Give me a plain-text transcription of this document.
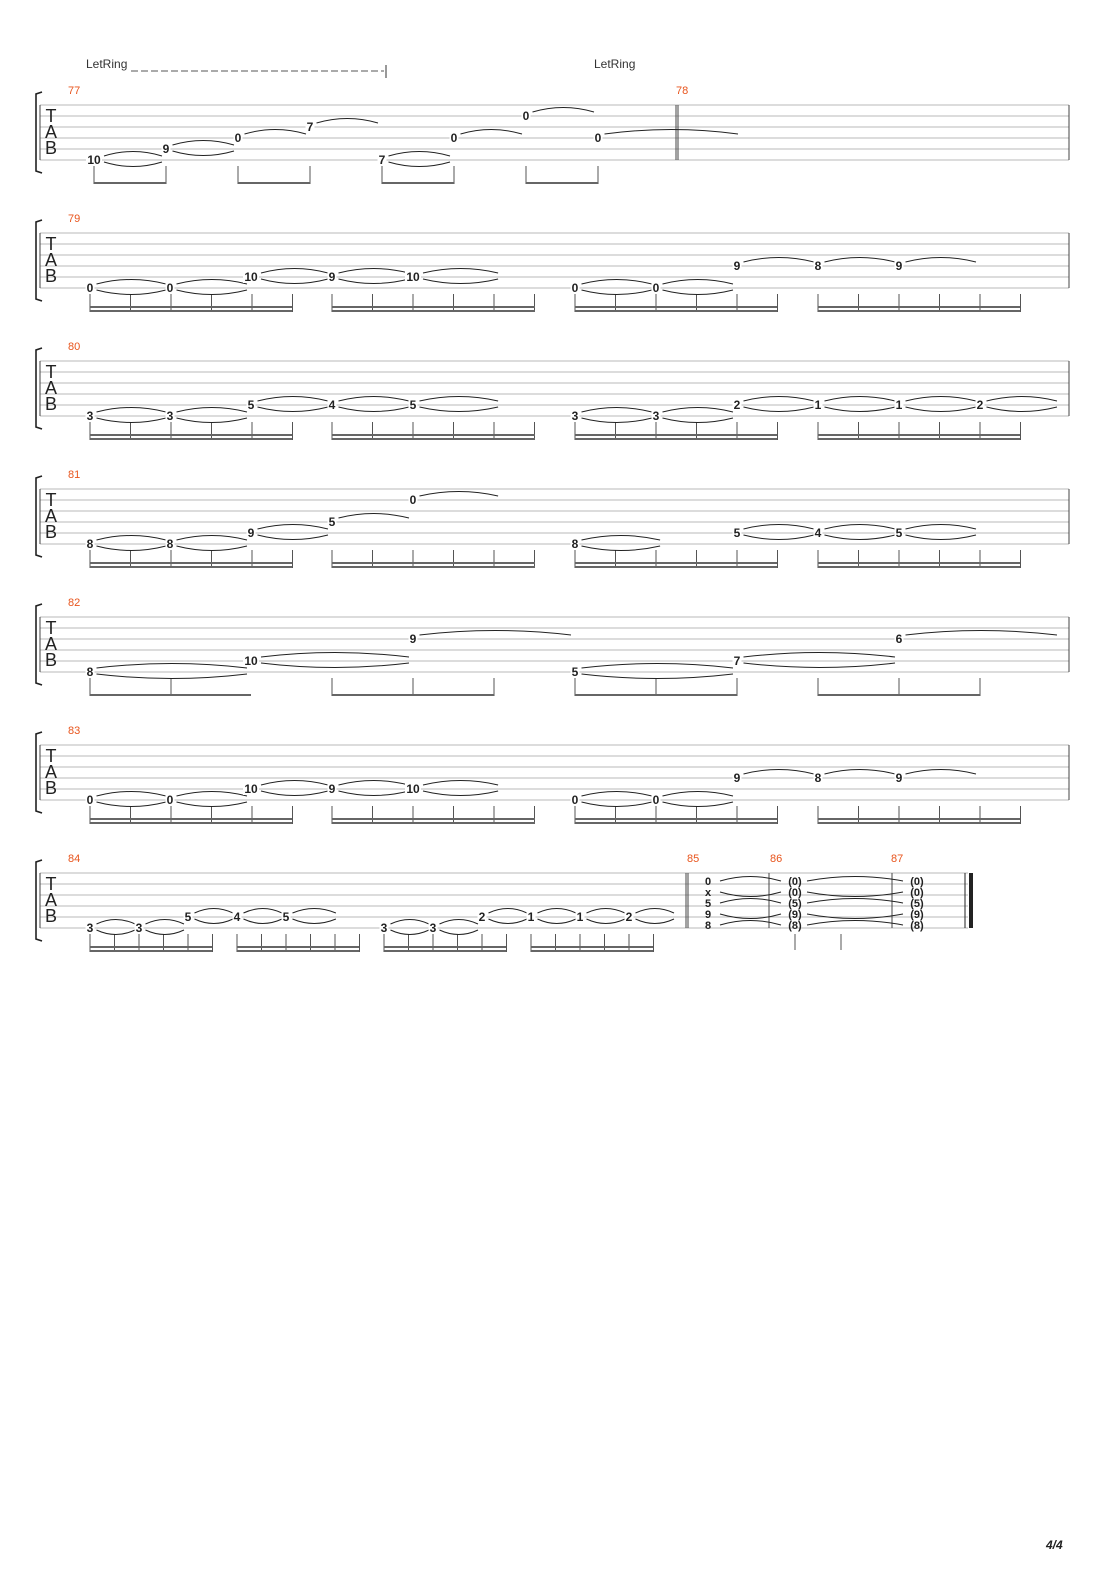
LetRing	LetRing
T
A
B
77	78
10
9
0
7
7
0
0
0
T
A
B
79
0	0
10	9	10
0	0
9	8	9
T
A
B
80
3	3
5	4	5
3	3
2	1	1	2
T
A
B
81
8	8
9
5
0
8
5	4	5
T
A
B
82
8
10
9
5
7
6
T
A
B
83
0	0
10	9	10
0	0
9	8	9
T
A
B
84	85	86	87
3	3
5	4	5
3	3
2	1	1	2
0
x
5
9
8
(0)
(0)
(5)
(9)
(8)
(0)
(0)
(5)
(9)
(8)
4/4
